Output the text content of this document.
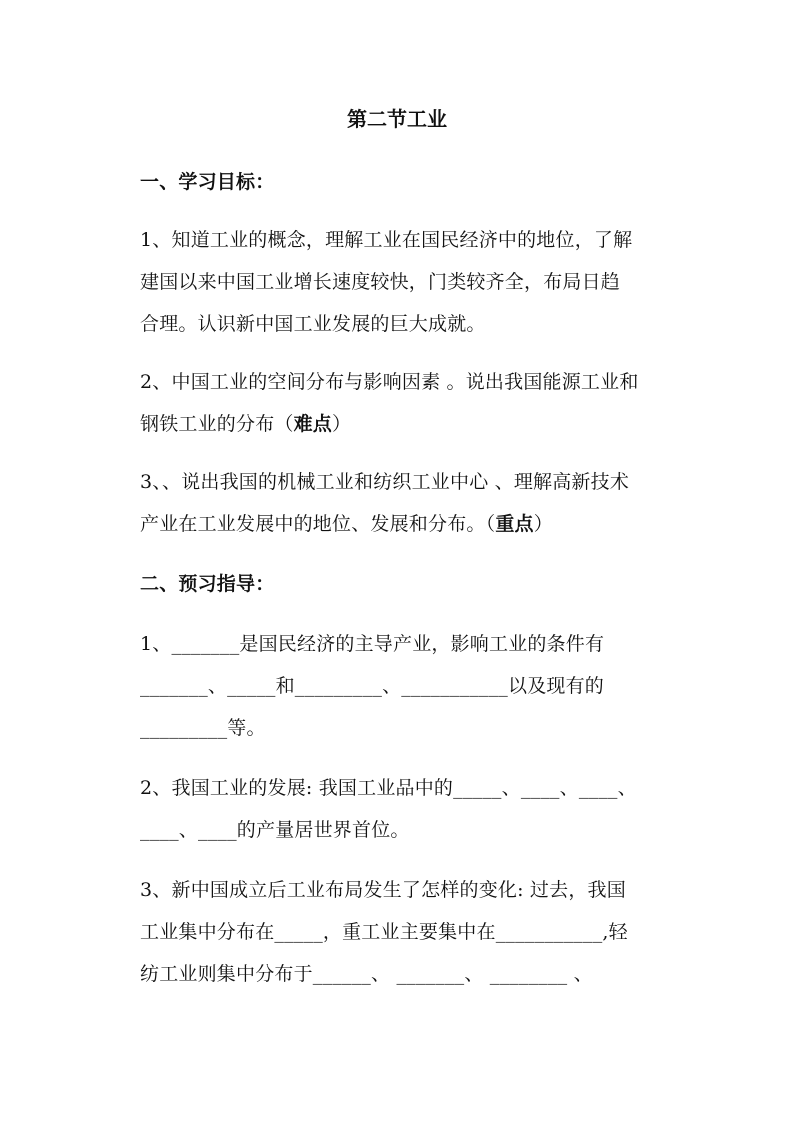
第二节工业
一、学习目标：
1、知道工业的概念，理解工业在国民经济中的地位，了解
建国以来中国工业增长速度较快，门类较齐全，布局日趋
合理。认识新中国工业发展的巨大成就。
2、中国工业的空间分布与影响因素 。说出我国能源工业和
钢铁工业的分布（难点）
3、、说出我国的机械工业和纺织工业中心 、理解高新技术
产业在工业发展中的地位、发展和分布。（重点）
二、预习指导：
1、_______是国民经济的主导产业，影响工业的条件有
_______、_____和_________、___________以及现有的
_________等。
2、我国工业的发展: 我国工业品中的_____、____、____、
____、____的产量居世界首位。
3、新中国成立后工业布局发生了怎样的变化: 过去，我国
工业集中分布在_____，重工业主要集中在___________,轻
纺工业则集中分布于______、 _______、 ________ 、
